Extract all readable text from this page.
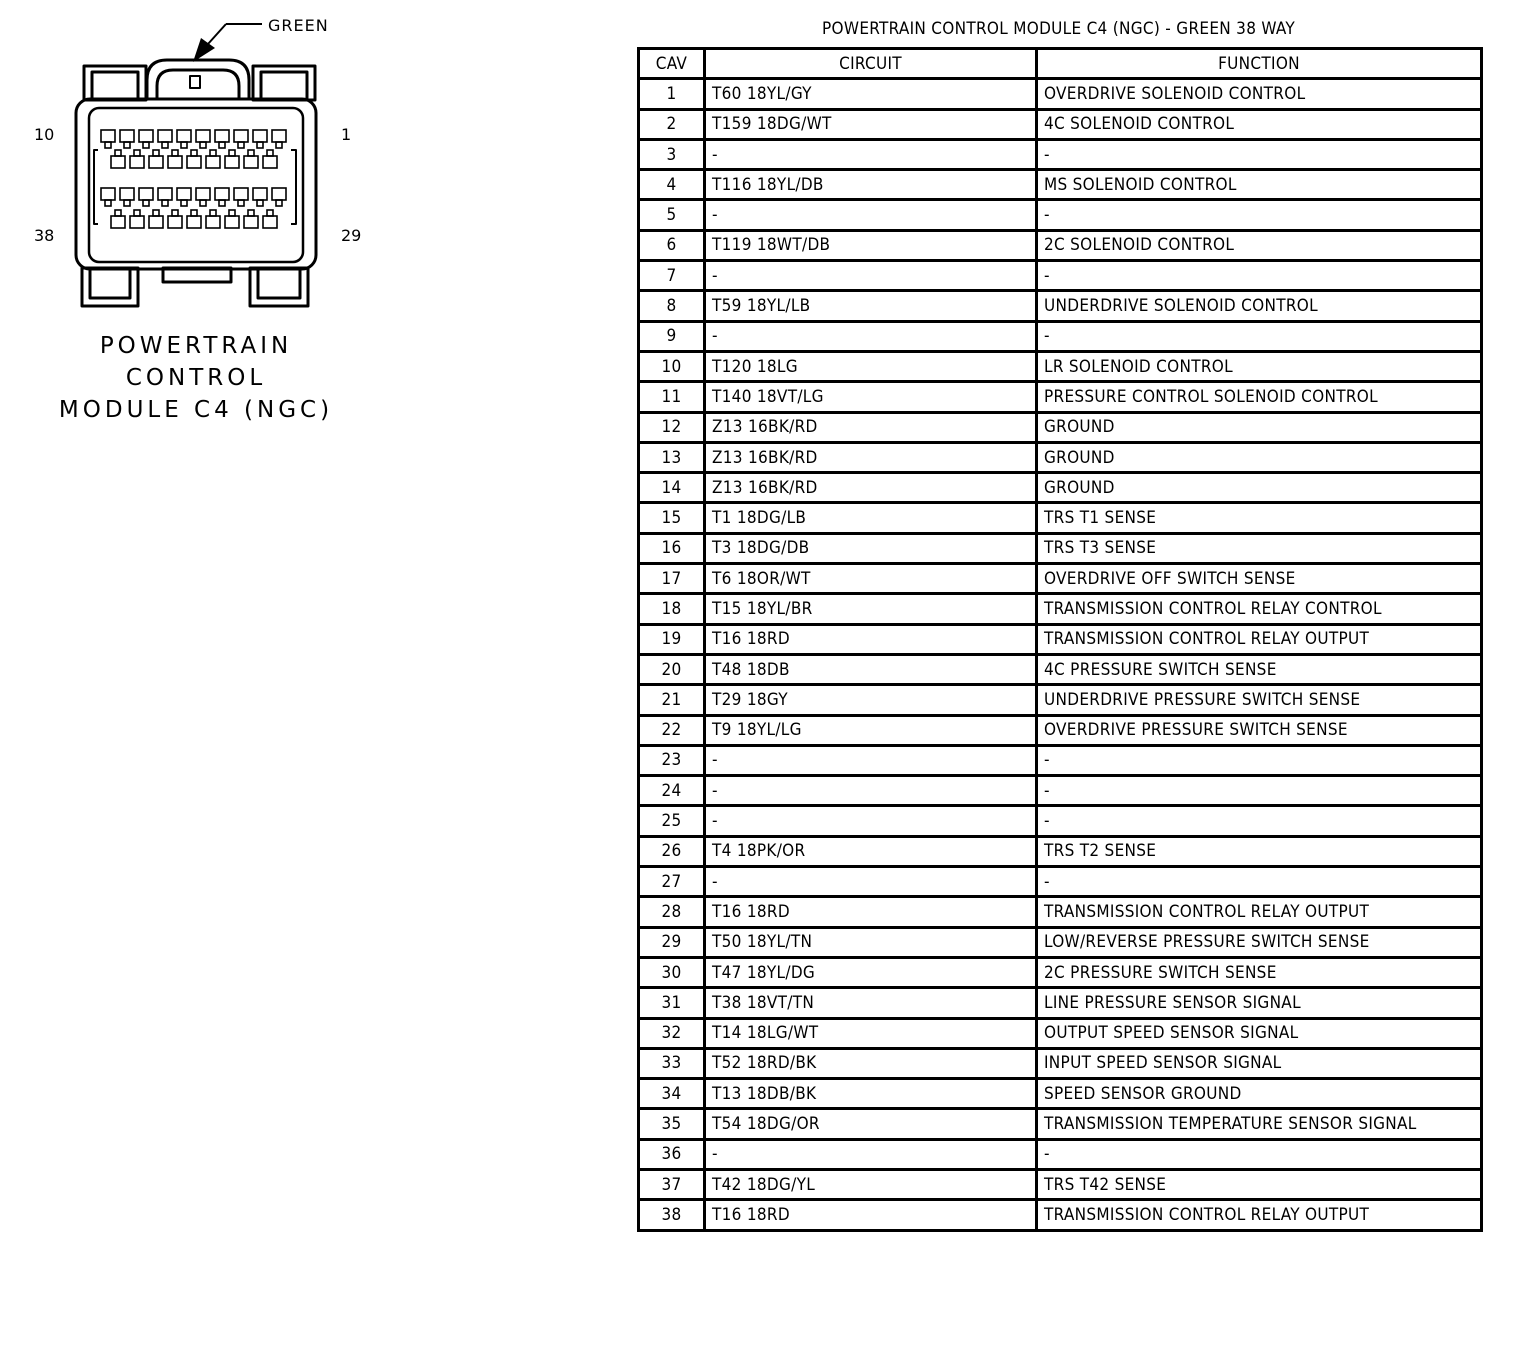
10	1
38	29
GREEN
POWERTRAIN
CONTROL
MODULE C4 (NGC)
POWERTRAIN CONTROL MODULE C4 (NGC) - GREEN 38 WAY
CAV	CIRCUIT	FUNCTION
1	T60 18YL/GY	OVERDRIVE SOLENOID CONTROL
2	T159 18DG/WT	4C SOLENOID CONTROL
3	-	-
4	T116 18YL/DB	MS SOLENOID CONTROL
5	-	-
6	T119 18WT/DB	2C SOLENOID CONTROL
7	-	-
8	T59 18YL/LB	UNDERDRIVE SOLENOID CONTROL
9	-	-
10	T120 18LG	LR SOLENOID CONTROL
11	T140 18VT/LG	PRESSURE CONTROL SOLENOID CONTROL
12	Z13 16BK/RD	GROUND
13	Z13 16BK/RD	GROUND
14	Z13 16BK/RD	GROUND
15	T1 18DG/LB	TRS T1 SENSE
16	T3 18DG/DB	TRS T3 SENSE
17	T6 18OR/WT	OVERDRIVE OFF SWITCH SENSE
18	T15 18YL/BR	TRANSMISSION CONTROL RELAY CONTROL
19	T16 18RD	TRANSMISSION CONTROL RELAY OUTPUT
20	T48 18DB	4C PRESSURE SWITCH SENSE
21	T29 18GY	UNDERDRIVE PRESSURE SWITCH SENSE
22	T9 18YL/LG	OVERDRIVE PRESSURE SWITCH SENSE
23	-	-
24	-	-
25	-	-
26	T4 18PK/OR	TRS T2 SENSE
27	-	-
28	T16 18RD	TRANSMISSION CONTROL RELAY OUTPUT
29	T50 18YL/TN	LOW/REVERSE PRESSURE SWITCH SENSE
30	T47 18YL/DG	2C PRESSURE SWITCH SENSE
31	T38 18VT/TN	LINE PRESSURE SENSOR SIGNAL
32	T14 18LG/WT	OUTPUT SPEED SENSOR SIGNAL
33	T52 18RD/BK	INPUT SPEED SENSOR SIGNAL
34	T13 18DB/BK	SPEED SENSOR GROUND
35	T54 18DG/OR	TRANSMISSION TEMPERATURE SENSOR SIGNAL
36	-	-
37	T42 18DG/YL	TRS T42 SENSE
38	T16 18RD	TRANSMISSION CONTROL RELAY OUTPUT
